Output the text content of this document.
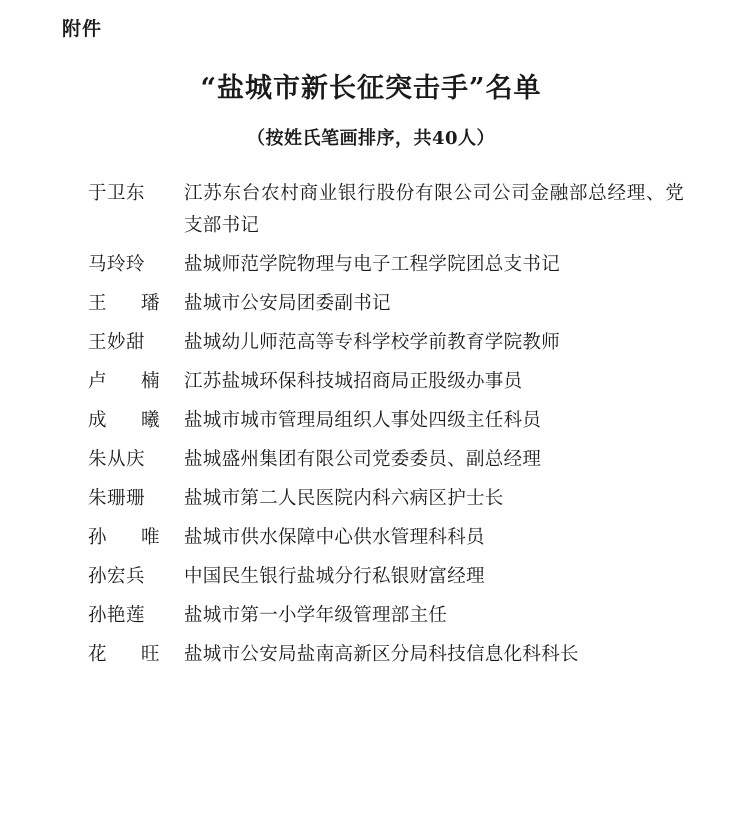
附件
“盐城市新长征突击手”名单
（按姓氏笔画排序，共40人）
于卫东	江苏东台农村商业银行股份有限公司公司金融部总经理、党支部书记
马玲玲	盐城师范学院物理与电子工程学院团总支书记
王 璠 盐城市公安局团委副书记
王妙甜	盐城幼儿师范高等专科学校学前教育学院教师
卢 楠 江苏盐城环保科技城招商局正股级办事员
成 曦 盐城市城市管理局组织人事处四级主任科员
朱从庆	盐城盛州集团有限公司党委委员、副总经理
朱珊珊	盐城市第二人民医院内科六病区护士长
孙 唯 盐城市供水保障中心供水管理科科员
孙宏兵	中国民生银行盐城分行私银财富经理
孙艳莲	盐城市第一小学年级管理部主任
花 旺 盐城市公安局盐南高新区分局科技信息化科科长
